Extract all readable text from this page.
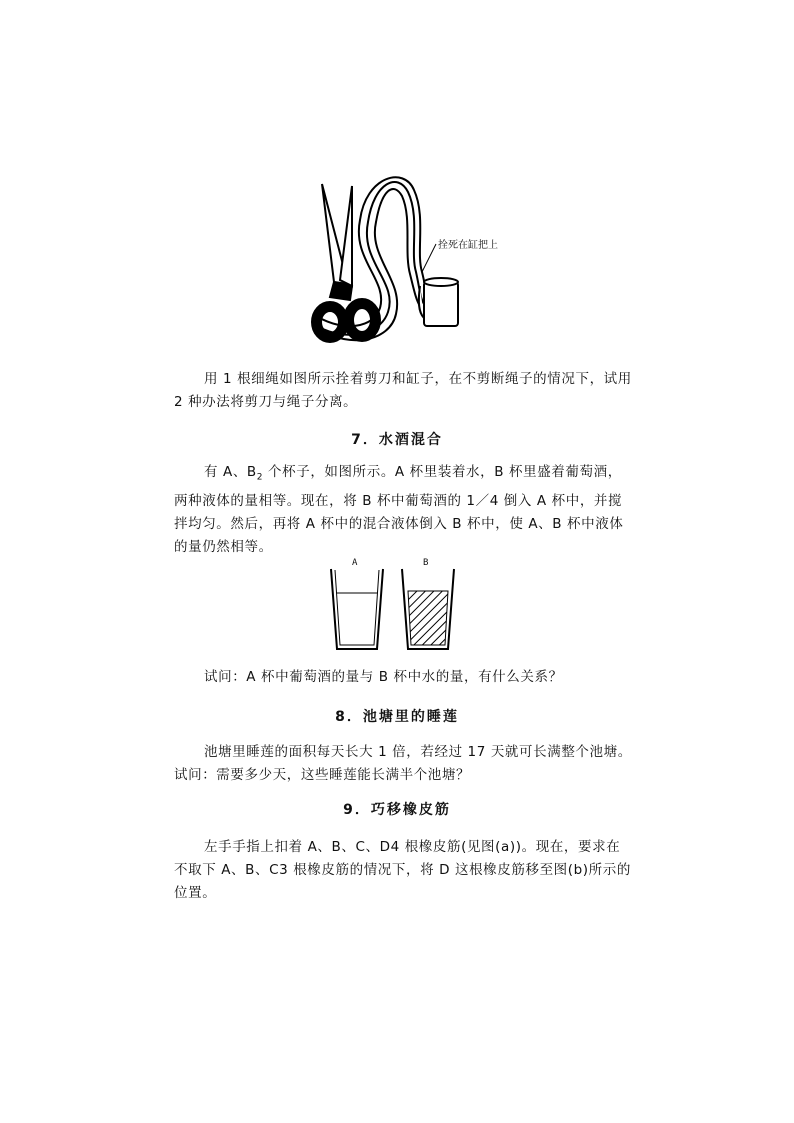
拴死在缸把上

用 1 根细绳如图所示拴着剪刀和缸子，在不剪断绳子的情况下，试用 2 种办法将剪刀与绳子分离。

7．水酒混合

有 A、$B_2$ 个杯子，如图所示。A 杯里装着水，B 杯里盛着葡萄酒，两种液体的量相等。现在，将 B 杯中葡萄酒的 1／4 倒入 A 杯中，并搅拌均匀。然后，再将 A 杯中的混合液体倒入 B 杯中，使 A、B 杯中液体的量仍然相等。

A	B

试问：A 杯中葡萄酒的量与 B 杯中水的量，有什么关系？

8．池塘里的睡莲

池塘里睡莲的面积每天长大 1 倍，若经过 17 天就可长满整个池塘。试问：需要多少天，这些睡莲能长满半个池塘？

9．巧移橡皮筋

左手手指上扣着 A、B、C、D4 根橡皮筋(见图(a))。现在，要求在不取下 A、B、C3 根橡皮筋的情况下，将 D 这根橡皮筋移至图(b)所示的位置。
